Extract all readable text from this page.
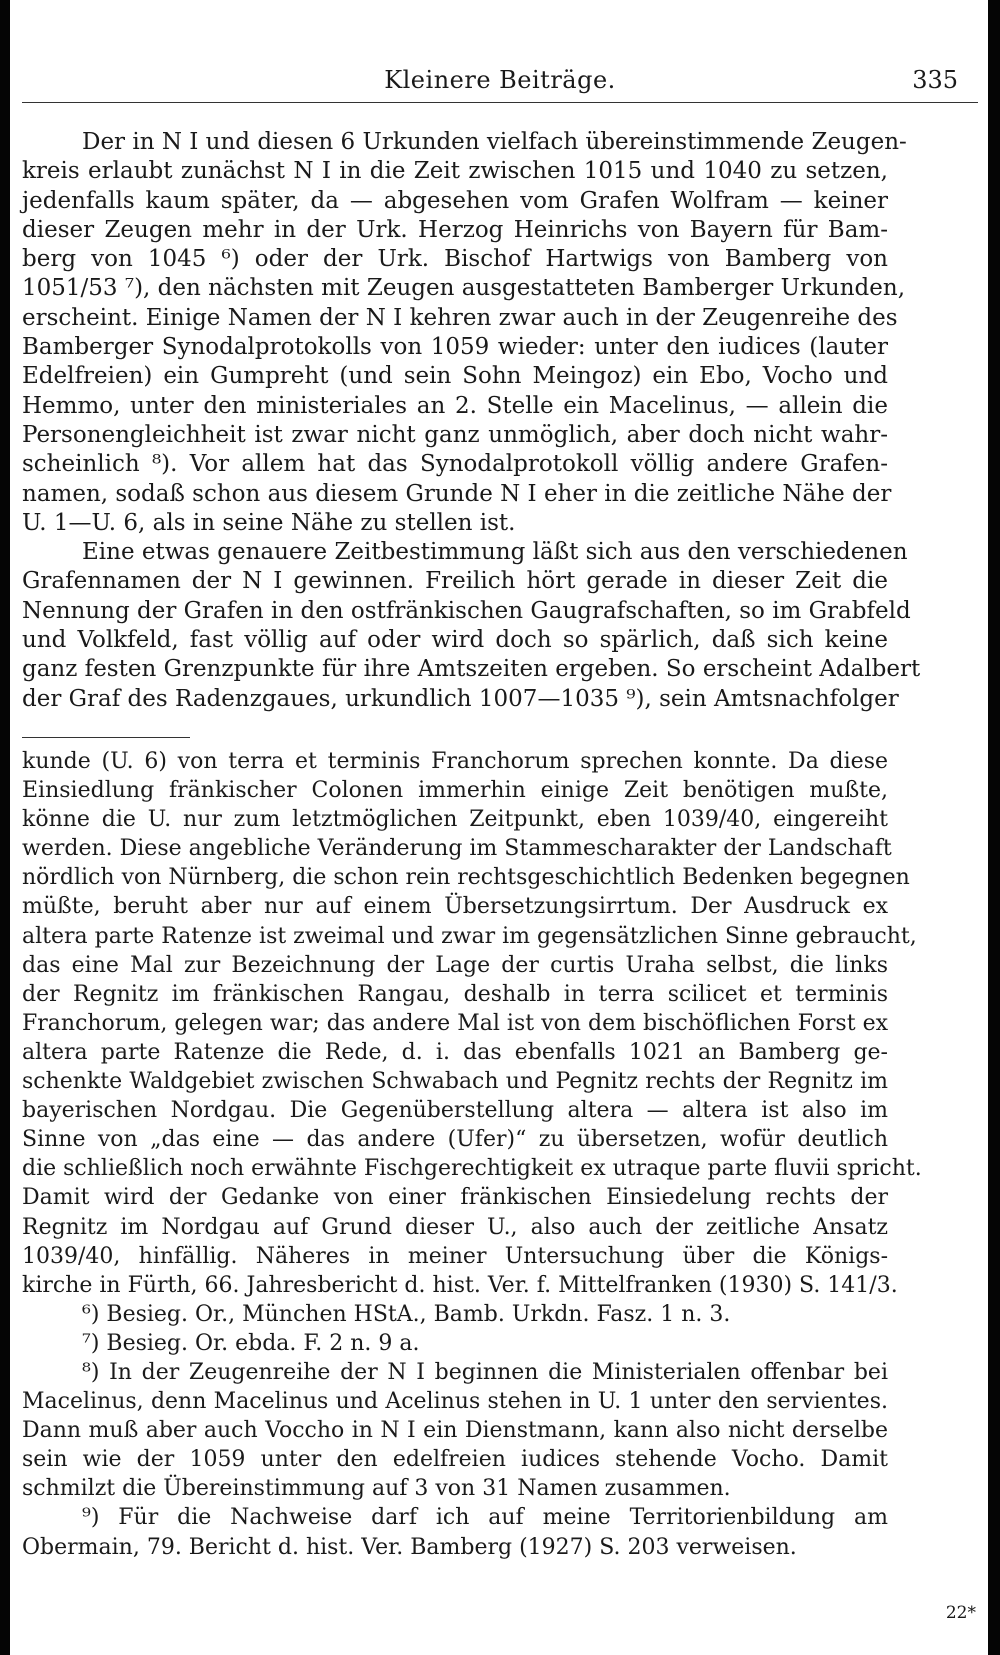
Kleinere Beiträge.	335
Der in N I und diesen 6 Urkunden vielfach übereinstimmende Zeugen-
kreis erlaubt zunächst N I in die Zeit zwischen 1015 und 1040 zu setzen,
jedenfalls kaum später, da — abgesehen vom Grafen Wolfram — keiner
dieser Zeugen mehr in der Urk. Herzog Heinrichs von Bayern für Bam-
berg von 1045 ⁶) oder der Urk. Bischof Hartwigs von Bamberg von
1051/53 ⁷), den nächsten mit Zeugen ausgestatteten Bamberger Urkunden,
erscheint. Einige Namen der N I kehren zwar auch in der Zeugenreihe des
Bamberger Synodalprotokolls von 1059 wieder: unter den iudices (lauter
Edelfreien) ein Gumpreht (und sein Sohn Meingoz) ein Ebo, Vocho und
Hemmo, unter den ministeriales an 2. Stelle ein Macelinus, — allein die
Personengleichheit ist zwar nicht ganz unmöglich, aber doch nicht wahr-
scheinlich ⁸). Vor allem hat das Synodalprotokoll völlig andere Grafen-
namen, sodaß schon aus diesem Grunde N I eher in die zeitliche Nähe der
U. 1—U. 6, als in seine Nähe zu stellen ist.
Eine etwas genauere Zeitbestimmung läßt sich aus den verschiedenen
Grafennamen der N I gewinnen. Freilich hört gerade in dieser Zeit die
Nennung der Grafen in den ostfränkischen Gaugrafschaften, so im Grabfeld
und Volkfeld, fast völlig auf oder wird doch so spärlich, daß sich keine
ganz festen Grenzpunkte für ihre Amtszeiten ergeben. So erscheint Adalbert
der Graf des Radenzgaues, urkundlich 1007—1035 ⁹), sein Amtsnachfolger
kunde (U. 6) von terra et terminis Franchorum sprechen konnte. Da diese
Einsiedlung fränkischer Colonen immerhin einige Zeit benötigen mußte,
könne die U. nur zum letztmöglichen Zeitpunkt, eben 1039/40, eingereiht
werden. Diese angebliche Veränderung im Stammescharakter der Landschaft
nördlich von Nürnberg, die schon rein rechtsgeschichtlich Bedenken begegnen
müßte, beruht aber nur auf einem Übersetzungsirrtum. Der Ausdruck ex
altera parte Ratenze ist zweimal und zwar im gegensätzlichen Sinne gebraucht,
das eine Mal zur Bezeichnung der Lage der curtis Uraha selbst, die links
der Regnitz im fränkischen Rangau, deshalb in terra scilicet et terminis
Franchorum, gelegen war; das andere Mal ist von dem bischöflichen Forst ex
altera parte Ratenze die Rede, d. i. das ebenfalls 1021 an Bamberg ge-
schenkte Waldgebiet zwischen Schwabach und Pegnitz rechts der Regnitz im
bayerischen Nordgau. Die Gegenüberstellung altera — altera ist also im
Sinne von „das eine — das andere (Ufer)“ zu übersetzen, wofür deutlich
die schließlich noch erwähnte Fischgerechtigkeit ex utraque parte fluvii spricht.
Damit wird der Gedanke von einer fränkischen Einsiedelung rechts der
Regnitz im Nordgau auf Grund dieser U., also auch der zeitliche Ansatz
1039/40, hinfällig. Näheres in meiner Untersuchung über die Königs-
kirche in Fürth, 66. Jahresbericht d. hist. Ver. f. Mittelfranken (1930) S. 141/3.
⁶) Besieg. Or., München HStA., Bamb. Urkdn. Fasz. 1 n. 3.
⁷) Besieg. Or. ebda. F. 2 n. 9 a.
⁸) In der Zeugenreihe der N I beginnen die Ministerialen offenbar bei
Macelinus, denn Macelinus und Acelinus stehen in U. 1 unter den servientes.
Dann muß aber auch Voccho in N I ein Dienstmann, kann also nicht derselbe
sein wie der 1059 unter den edelfreien iudices stehende Vocho. Damit
schmilzt die Übereinstimmung auf 3 von 31 Namen zusammen.
⁹) Für die Nachweise darf ich auf meine Territorienbildung am
Obermain, 79. Bericht d. hist. Ver. Bamberg (1927) S. 203 verweisen.
22*
